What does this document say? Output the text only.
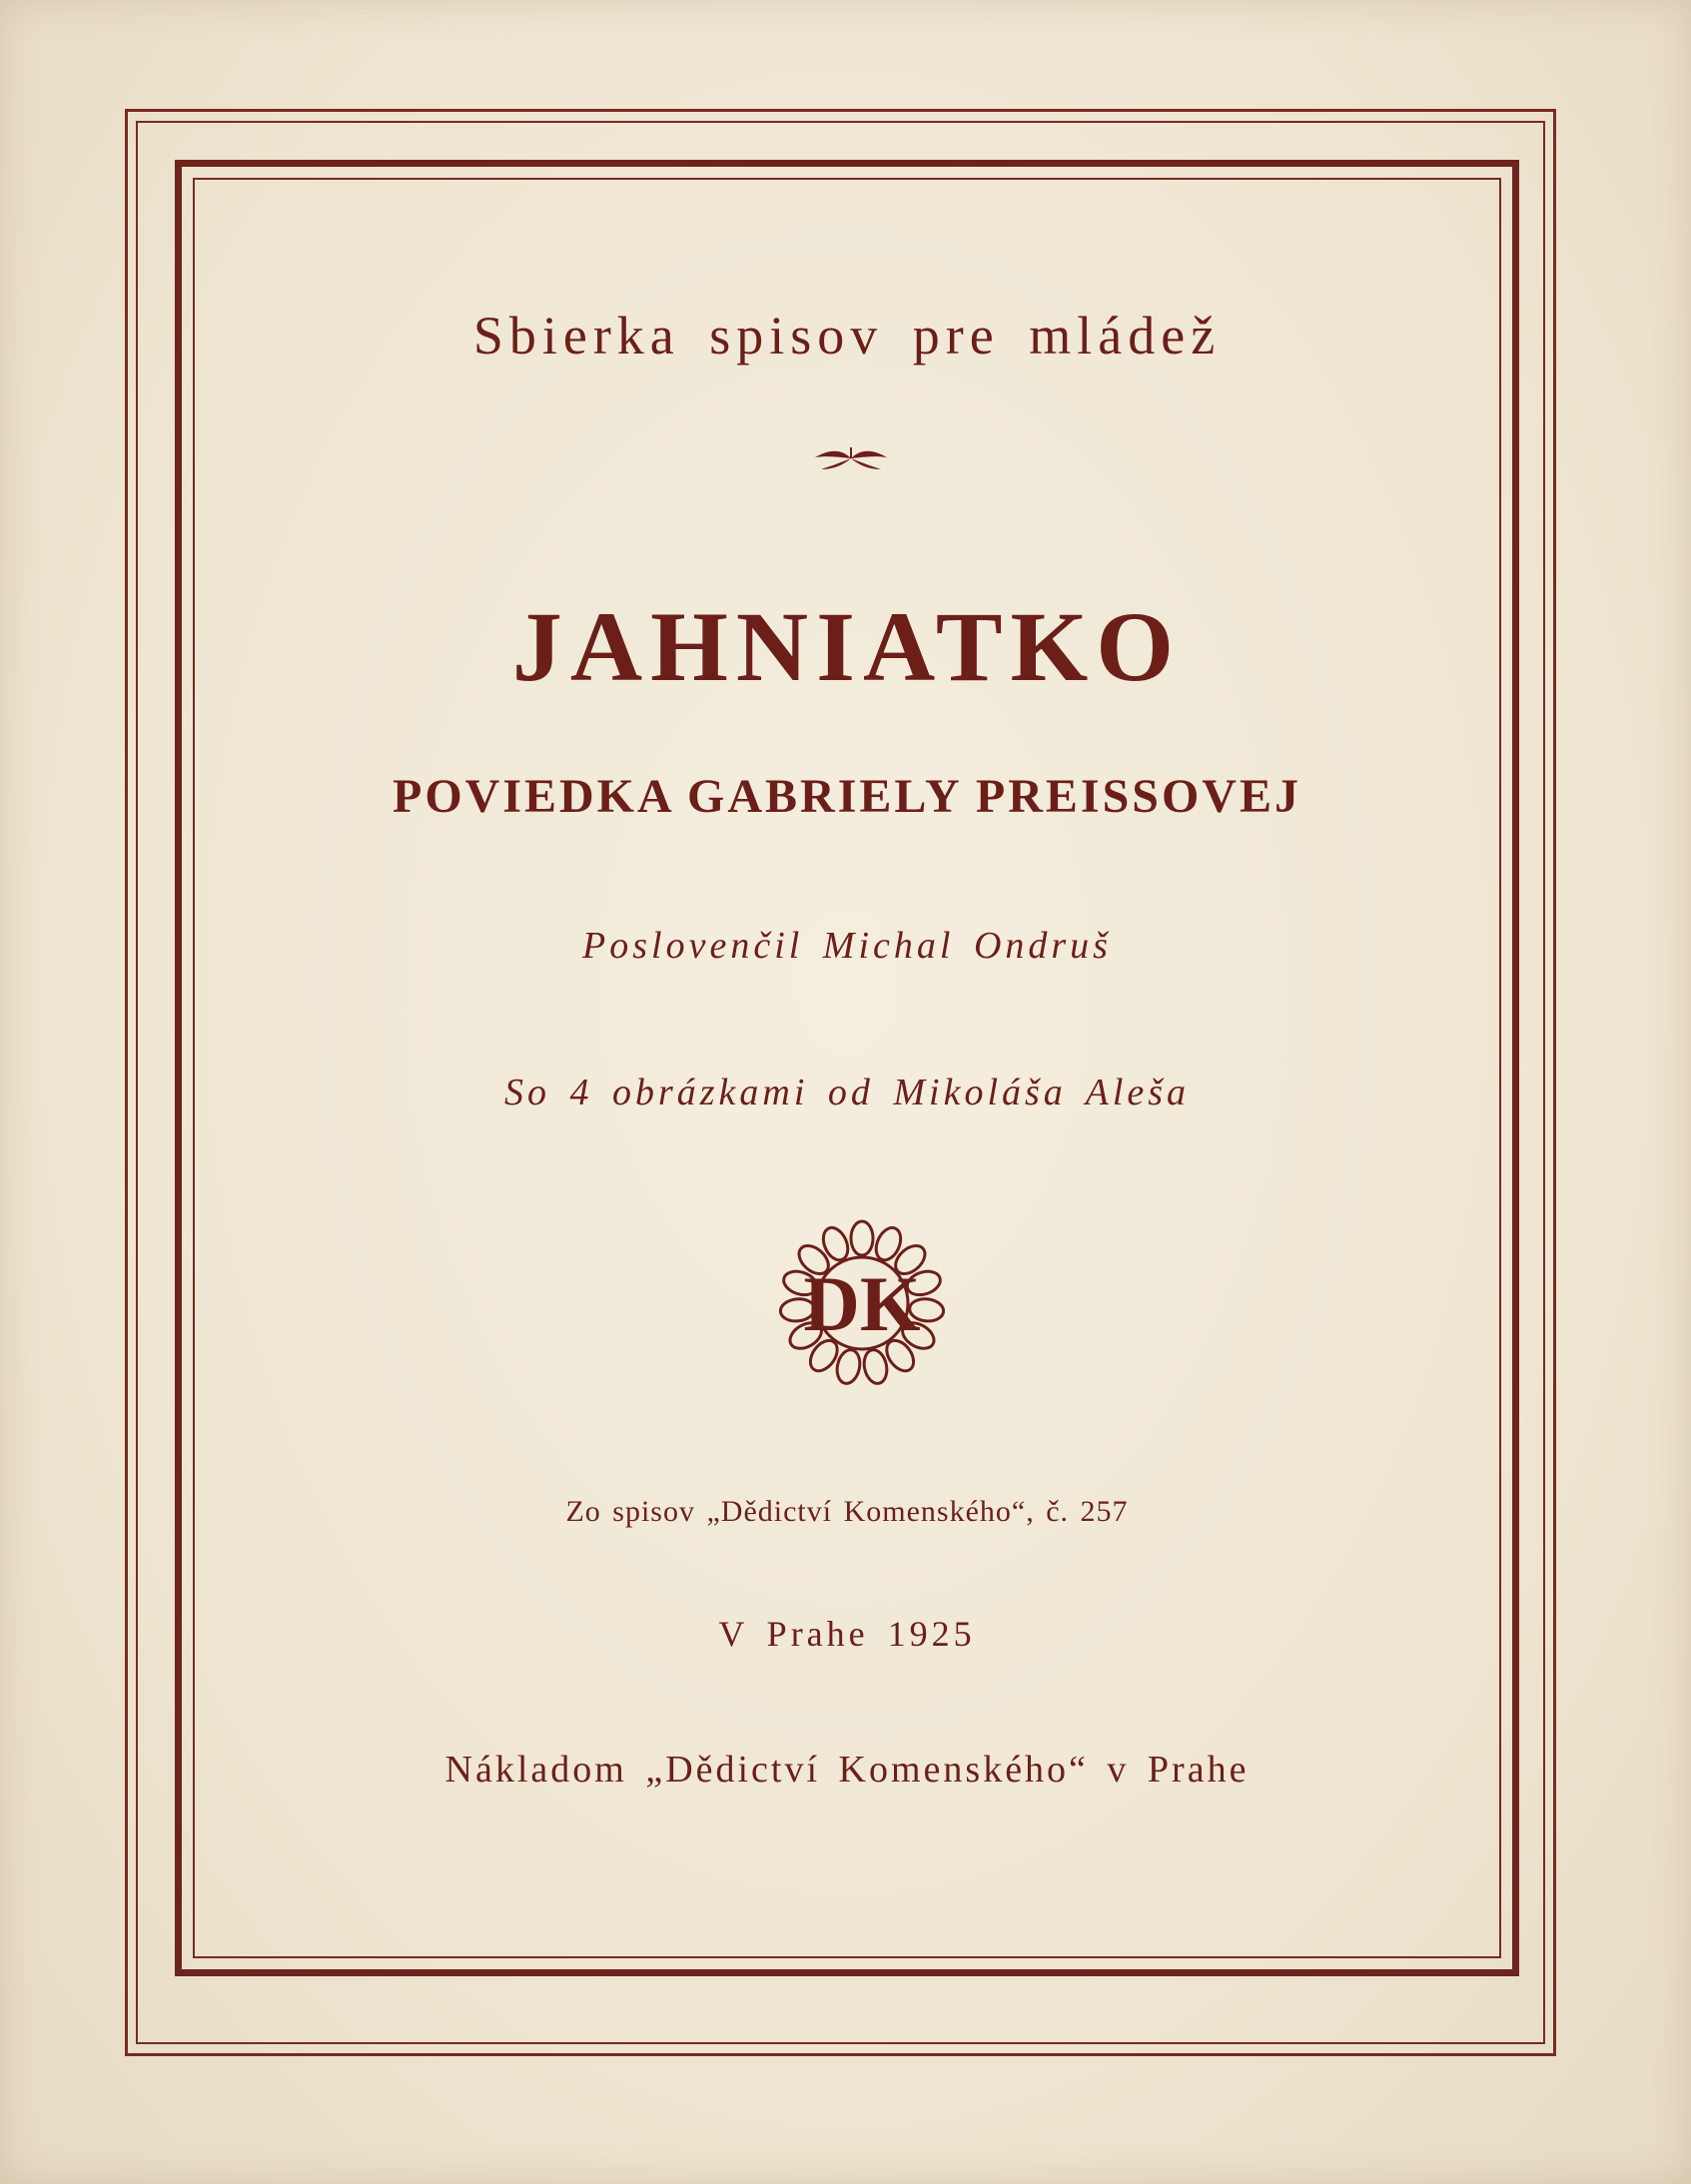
Sbierka spisov pre mládež
JAHNIATKO
POVIEDKA GABRIELY PREISSOVEJ
Poslovenčil Michal Ondruš
So 4 obrázkami od Mikoláša Aleša
DK
Zo spisov „Dědictví Komenského“, č. 257
V Prahe 1925
Nákladom „Dědictví Komenského“ v Prahe
